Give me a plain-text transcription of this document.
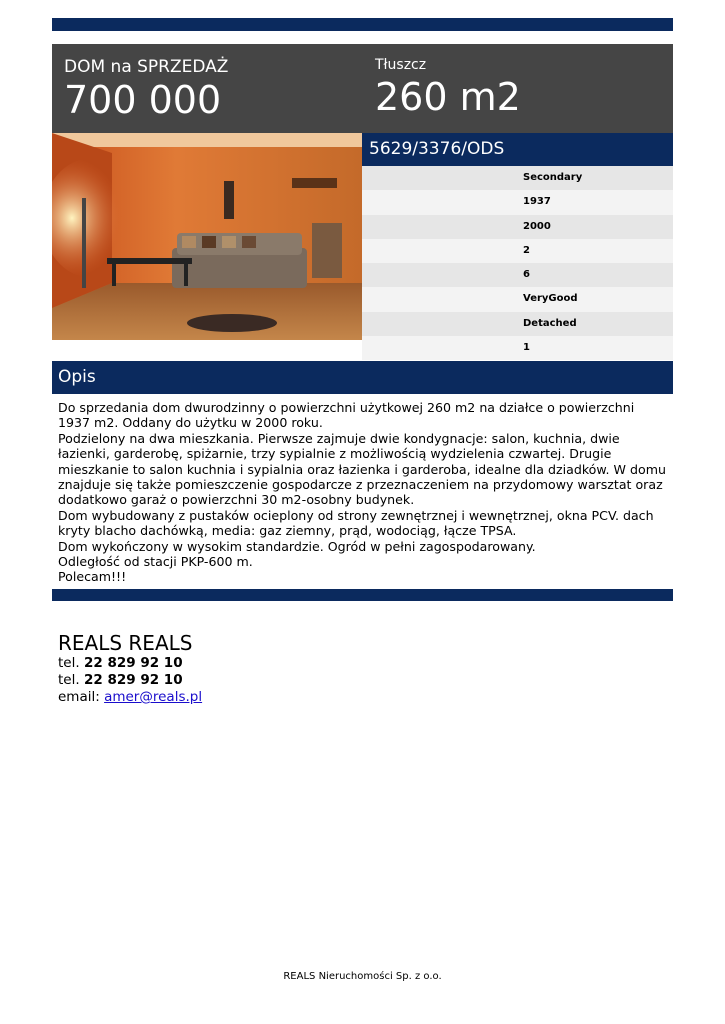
DOM na SPRZEDAŻ
700 000
Tłuszcz
260 m2
5629/3376/ODS
Secondary
1937
2000
2
6
VeryGood
Detached
1
Opis

Do sprzedania dom dwurodzinny o powierzchni użytkowej 260 m2 na działce o powierzchni 1937 m2. Oddany do użytku w 2000 roku.

Podzielony na dwa mieszkania. Pierwsze zajmuje dwie kondygnacje: salon, kuchnia, dwie łazienki, garderobę, spiżarnie, trzy sypialnie z możliwością wydzielenia czwartej. Drugie mieszkanie to salon kuchnia i sypialnia oraz łazienka i garderoba, idealne dla dziadków. W domu znajduje się także pomieszczenie gospodarcze z przeznaczeniem na przydomowy warsztat oraz dodatkowo garaż o powierzchni 30 m2-osobny budynek.

Dom wybudowany z pustaków ocieplony od strony zewnętrznej i wewnętrznej, okna PCV. dach kryty blacho dachówką, media: gaz ziemny, prąd, wodociąg, łącze TPSA.

Dom wykończony w wysokim standardzie. Ogród w pełni zagospodarowany.

Odległość od stacji PKP-600 m.

Polecam!!!

REALS REALS
tel. 22 829 92 10
tel. 22 829 92 10
email: amer@reals.pl
REALS Nieruchomości Sp. z o.o.
